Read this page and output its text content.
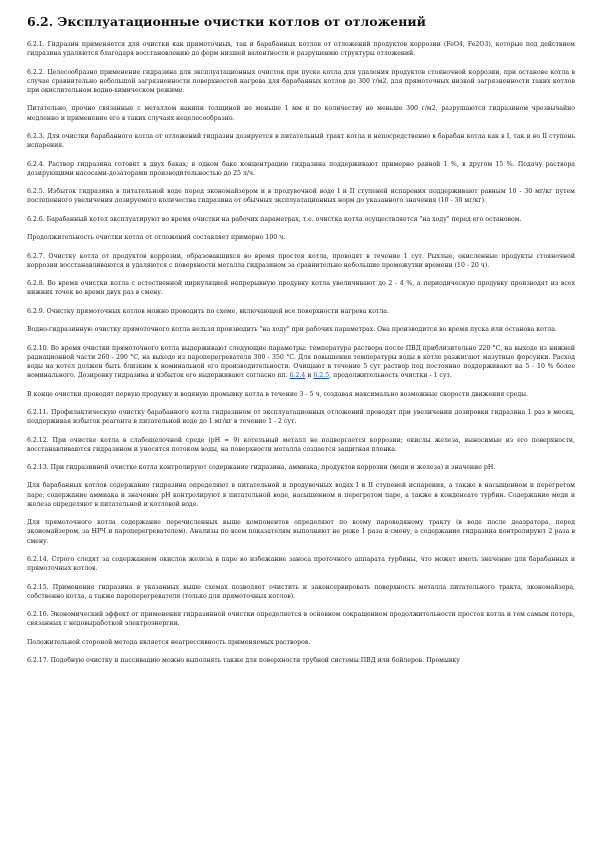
6.2. Эксплуатационные очистки котлов от отложений

6.2.1. Гидразин применяется для очистки как прямоточных, так и барабанных котлов от отложений продуктов коррозии (FeO4, Fe2O3), которые под действием гидразина удаляются благодаря восстановлению до форм низшей валентности и разрушению структуры отложений.

6.2.2. Целесообразно применение гидразина для эксплуатационных очисток при пуске котла для удаления продуктов стояночной коррозии, при останове котла в случае сравнительно небольшой загрязненности поверхностей нагрева для барабанных котлов до 300 г/м2, для прямоточных низкой загрязненности таких котлов при окислительном водно-химическом режиме.

Питательно, прочно связанные с металлом накипи толщиной не меньше 1 мм и по количеству не меньше 300 г/м2, разрушаются гидразином чрезвычайно медленно и применение его в таких случаях нецелесообразно.

6.2.3. Для очистки барабанного котла от отложений гидразин дозируется в питательный тракт котла и непосредственно в барабан котла как в I, так и во II ступень испарения.

6.2.4. Раствор гидразина готовят в двух баках; в одном баке концентрацию гидразина поддерживают примерно равной 1 %, в другом 15 %. Подачу раствора дозирующими насосами-дозаторами производительностью до 25 л/ч.

6.2.5. Избыток гидразина в питательной воде перед экономайзером и в продувочной воде I и II ступеней испарения поддерживают равным 10 - 30 мг/кг путем постепенного увеличения дозируемого количества гидразина от обычных эксплуатационных норм до указанного значения (10 - 30 мг/кг).

6.2.6. Барабанный котел эксплуатируют во время очистки на рабочих параметрах, т.е. очистка котла осуществляется "на ходу" перед его остановом.

Продолжительность очистки котла от отложений составляет примерно 100 ч.

6.2.7. Очистку котла от продуктов коррозии, образовавшихся во время простоя котла, проводят в течение 1 сут. Рыхлые, окисленные продукты стояночной коррозии восстанавливаются и удаляются с поверхности металла гидразином за сравнительно небольшие промежутки времени (10 - 20 ч).

6.2.8. Во время очистки котла с естественной циркуляцией непрерывную продувку котла увеличивают до 2 - 4 %, а периодическую продувку производят из всех нижних точек во время двух раз в смену.

6.2.9. Очистку прямоточных котлов можно проводить по схеме, включающей все поверхности нагрева котла.

Водно-гидразинную очистку прямоточного котла нельзя производить "на ходу" при рабочих параметрах. Она производится во время пуска или останова котла.

6.2.10. Во время очистки прямоточного котла выдерживают следующие параметры: температура раствора после ПВД приблизительно 220 °С, на выходе из нижней радиационной части 260 - 290 °С, на выходе из пароперегревателя 300 - 350 °С. Для повышения температуры воды в котле разжигают мазутные форсунки. Расход воды на котел должен быть близким к номинальной его производительности. Очищают в течение 5 сут раствор под постоянно поддерживают на 5 - 10 % более номинального. Дозировку гидразина и избыток его выдерживают согласно пп. 6.2.4 и 6.2.5, продолжительность очистки - 1 сут.

В конце очистки проводят первую продувку и водяную промывку котла в течение 3 - 5 ч, создавая максимально возможные скорости движения среды.

6.2.11. Профилактическую очистку барабанного котла гидразином от эксплуатационных отложений проводят при увеличении дозировки гидразина 1 раз в месяц, поддерживая избыток реагента в питательной воде до 1 мг/кг в течение 1 - 2 сут.

6.2.12. При очистке котла в слабощелочной среде (pH ≈ 9) котельный металл не подвергается коррозии; окислы железа, выносимые из его поверхности, восстанавливаются гидразином и уносятся потоком воды, на поверхности металла создается защитная пленка.

6.2.13. При гидразинной очистке котла контролируют содержание гидразина, аммиака, продуктов коррозии (меди и железа) и значение pH.

Для барабанных котлов содержание гидразина определяют в питательной и продувочных водах I и II ступеней испарения, а также в насыщенном и перегретом паре; содержание аммиака и значение pH контролируют в питательной воде, насыщенном и перегретом паре, а также в конденсате турбин. Содержание меди и железа определяют в питательной и котловой воде.

Для прямоточного котла содержание перечисленных выше компонентов определяют по всему пароводяному тракту (в воде после деаэратора, перед экономайзером, за НРЧ и пароперегревателем). Анализы по всем показателям выполняют не реже 1 раза в смену, а содержание гидразина контролируют 2 раза в смену.

6.2.14. Строго следят за содержанием окислов железа в паре во избежание заноса проточного аппарата турбины, что может иметь значение для барабанных и прямоточных котлов.

6.2.15. Применение гидразина в указанных выше схемах позволяет очистить и законсервировать поверхность металла питательного тракта, экономайзера, собственно котла, а также пароперегревателя (только для прямоточных котлов).

6.2.16. Экономический эффект от применения гидразинной очистки определяется в основном сокращением продолжительности простоя котла и тем самым потерь, связанных с недовыработкой электроэнергии.

Положительной стороной метода является неагрессивность применяемых растворов.

6.2.17. Подобную очистку и пассивацию можно выполнять также для поверхности трубной системы ПВД или бойлеров. Промывку
